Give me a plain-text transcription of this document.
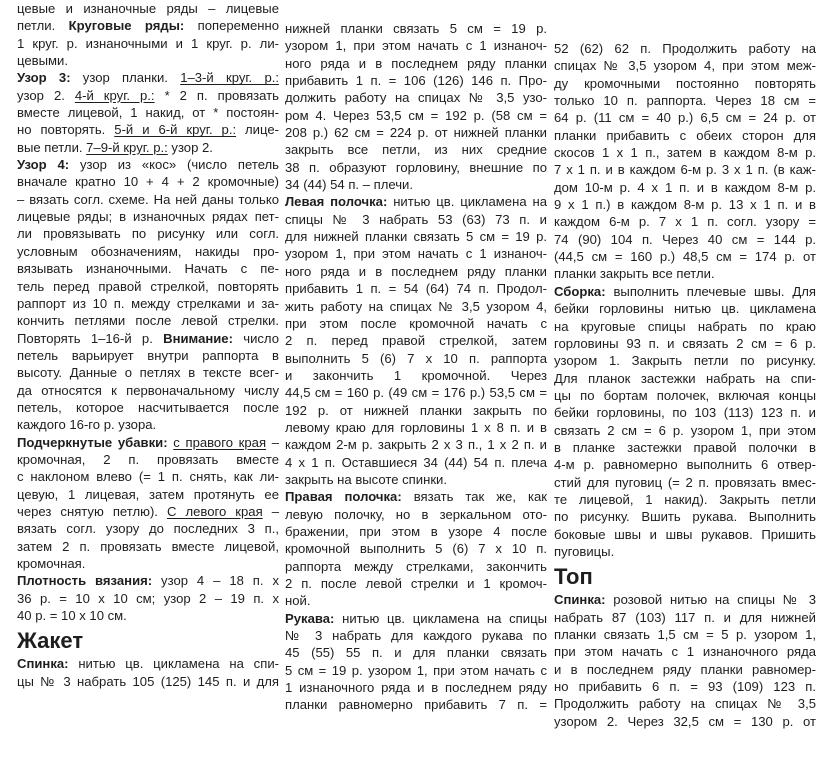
цевые и изнаночные ряды – лицевые
петли. Круговые ряды: попеременно
1 круг. р. изнаночными и 1 круг. р. ли-
цевыми.
Узор 3: узор планки. 1–3-й круг. р.:
узор 2. 4-й круг. р.: * 2 п. провязать
вместе лицевой, 1 накид, от * постоян-
но повторять. 5-й и 6-й круг. р.: лице-
вые петли. 7–9-й круг. р.: узор 2.
Узор 4: узор из «кос» (число петель
вначале кратно 10 + 4 + 2 кромочные)
– вязать согл. схеме. На ней даны только
лицевые ряды; в изнаночных рядах пет-
ли провязывать по рисунку или согл.
условным обозначениям, накиды про-
вязывать изнаночными. Начать с пе-
тель перед правой стрелкой, повторять
раппорт из 10 п. между стрелками и за-
кончить петлями после левой стрелки.
Повторять 1–16-й р. Внимание: число
петель варьирует внутри раппорта в
высоту. Данные о петлях в тексте всег-
да относятся к первоначальному числу
петель, которое насчитывается после
каждого 16-го р. узора.
Подчеркнутые убавки: с правого края –
кромочная, 2 п. провязать вместе
с наклоном влево (= 1 п. снять, как ли-
цевую, 1 лицевая, затем протянуть ее
через снятую петлю). С левого края –
вязать согл. узору до последних 3 п.,
затем 2 п. провязать вместе лицевой,
кромочная.
Плотность вязания: узор 4 – 18 п. х
36 р. = 10 х 10 см; узор 2 – 19 п. х
40 р. = 10 х 10 см.
Жакет
Спинка: нитью цв. цикламена на спи-
цы № 3 набрать 105 (125) 145 п. и для
нижней планки связать 5 см = 19 р.
узором 1, при этом начать с 1 изнаноч-
ного ряда и в последнем ряду планки
прибавить 1 п. = 106 (126) 146 п. Про-
должить работу на спицах № 3,5 узо-
ром 4. Через 53,5 см = 192 р. (58 см =
208 р.) 62 см = 224 р. от нижней планки
закрыть все петли, из них средние
38 п. образуют горловину, внешние по
34 (44) 54 п. – плечи.
Левая полочка: нитью цв. цикламена на
спицы № 3 набрать 53 (63) 73 п. и
для нижней планки связать 5 см = 19 р.
узором 1, при этом начать с 1 изнаноч-
ного ряда и в последнем ряду планки
прибавить 1 п. = 54 (64) 74 п. Продол-
жить работу на спицах № 3,5 узором 4,
при этом после кромочной начать с
2 п. перед правой стрелкой, затем
выполнить 5 (6) 7 х 10 п. раппорта
и закончить 1 кромочной. Через
44,5 см = 160 р. (49 см = 176 р.) 53,5 см =
192 р. от нижней планки закрыть по
левому краю для горловины 1 х 8 п. и в
каждом 2-м р. закрыть 2 х 3 п., 1 х 2 п. и
4 х 1 п. Оставшиеся 34 (44) 54 п. плеча
закрыть на высоте спинки.
Правая полочка: вязать так же, как
левую полочку, но в зеркальном ото-
бражении, при этом в узоре 4 после
кромочной выполнить 5 (6) 7 х 10 п.
раппорта между стрелками, закончить
2 п. после левой стрелки и 1 кромоч-
ной.
Рукава: нитью цв. цикламена на спицы
№ 3 набрать для каждого рукава по
45 (55) 55 п. и для планки связать
5 см = 19 р. узором 1, при этом начать с
1 изнаночного ряда и в последнем ряду
планки равномерно прибавить 7 п. =
52 (62) 62 п. Продолжить работу на
спицах № 3,5 узором 4, при этом меж-
ду кромочными постоянно повторять
только 10 п. раппорта. Через 18 см =
64 р. (11 см = 40 р.) 6,5 см = 24 р. от
планки прибавить с обеих сторон для
скосов 1 х 1 п., затем в каждом 8-м р.
7 х 1 п. и в каждом 6-м р. 3 х 1 п. (в каж-
дом 10-м р. 4 х 1 п. и в каждом 8-м р.
9 х 1 п.) в каждом 8-м р. 13 х 1 п. и в
каждом 6-м р. 7 х 1 п. согл. узору =
74 (90) 104 п. Через 40 см = 144 р.
(44,5 см = 160 р.) 48,5 см = 174 р. от
планки закрыть все петли.
Сборка: выполнить плечевые швы. Для
бейки горловины нитью цв. цикламена
на круговые спицы набрать по краю
горловины 93 п. и связать 2 см = 6 р.
узором 1. Закрыть петли по рисунку.
Для планок застежки набрать на спи-
цы по бортам полочек, включая концы
бейки горловины, по 103 (113) 123 п. и
связать 2 см = 6 р. узором 1, при этом
в планке застежки правой полочки в
4-м р. равномерно выполнить 6 отвер-
стий для пуговиц (= 2 п. провязать вмес-
те лицевой, 1 накид). Закрыть петли
по рисунку. Вшить рукава. Выполнить
боковые швы и швы рукавов. Пришить
пуговицы.
Топ
Спинка: розовой нитью на спицы № 3
набрать 87 (103) 117 п. и для нижней
планки связать 1,5 см = 5 р. узором 1,
при этом начать с 1 изнаночного ряда
и в последнем ряду планки равномер-
но прибавить 6 п. = 93 (109) 123 п.
Продолжить работу на спицах № 3,5
узором 2. Через 32,5 см = 130 р. от
